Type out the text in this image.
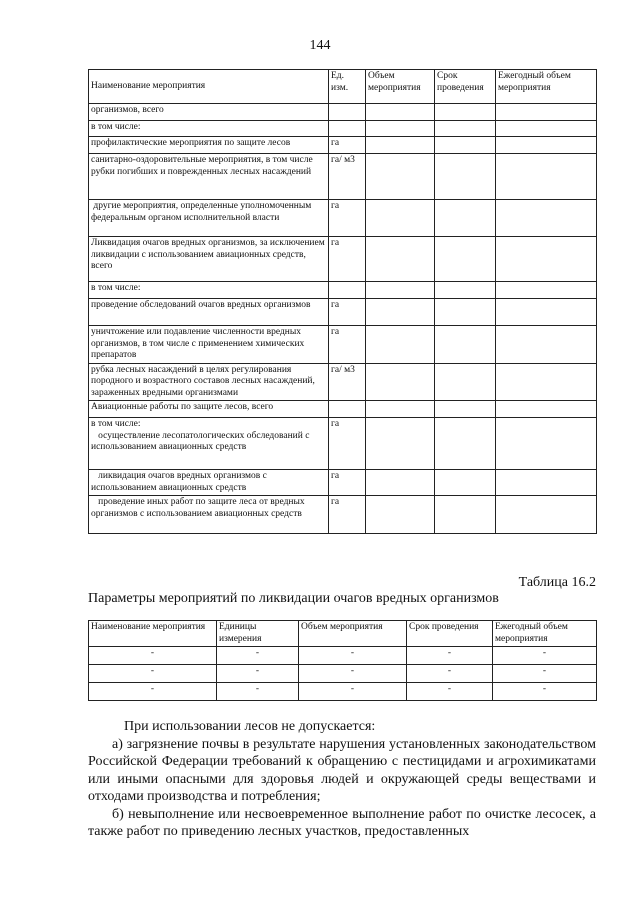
144
Наименование мероприятия	Ед. изм.	Объем мероприятия	Срок проведения	Ежегодный объем мероприятия
организмов, всего				
в том числе:				
профилактические мероприятия по защите лесов	га			
санитарно-оздоровительные мероприятия, в том числе рубки погибших и поврежденных лесных насаждений	га/ м3			
другие мероприятия, определенные уполномоченным федеральным органом исполнительной власти	га			
Ликвидация очагов вредных организмов, за исключением ликвидации с использованием авиационных средств, всего	га			
в том числе:				
проведение обследований очагов вредных организмов	га			
уничтожение или подавление численности вредных организмов, в том числе с применением химических препаратов	га			
рубка лесных насаждений в целях регулирования породного и возрастного составов лесных насаждений, зараженных вредными организмами	га/ м3			
Авиационные работы по защите лесов, всего				
в том числе:
осуществление лесопатологических обследований с использованием авиационных средств	га			
ликвидация очагов вредных организмов с использованием авиационных средств	га			
проведение иных работ по защите леса от вредных организмов с использованием авиационных средств	га			
Таблица 16.2
Параметры мероприятий по ликвидации очагов вредных организмов
Наименование мероприятия	Единицы измерения	Объем мероприятия	Срок проведения	Ежегодный объем мероприятия
-	-	-	-	-
-	-	-	-	-
-	-	-	-	-

При использовании лесов не допускается:

а) загрязнение почвы в результате нарушения установленных законодательством Российской Федерации требований к обращению с пестицидами и агрохимикатами или иными опасными для здоровья людей и окружающей среды веществами и отходами производства и потребления;

б) невыполнение или несвоевременное выполнение работ по очистке лесосек, а также работ по приведению лесных участков, предоставленных
